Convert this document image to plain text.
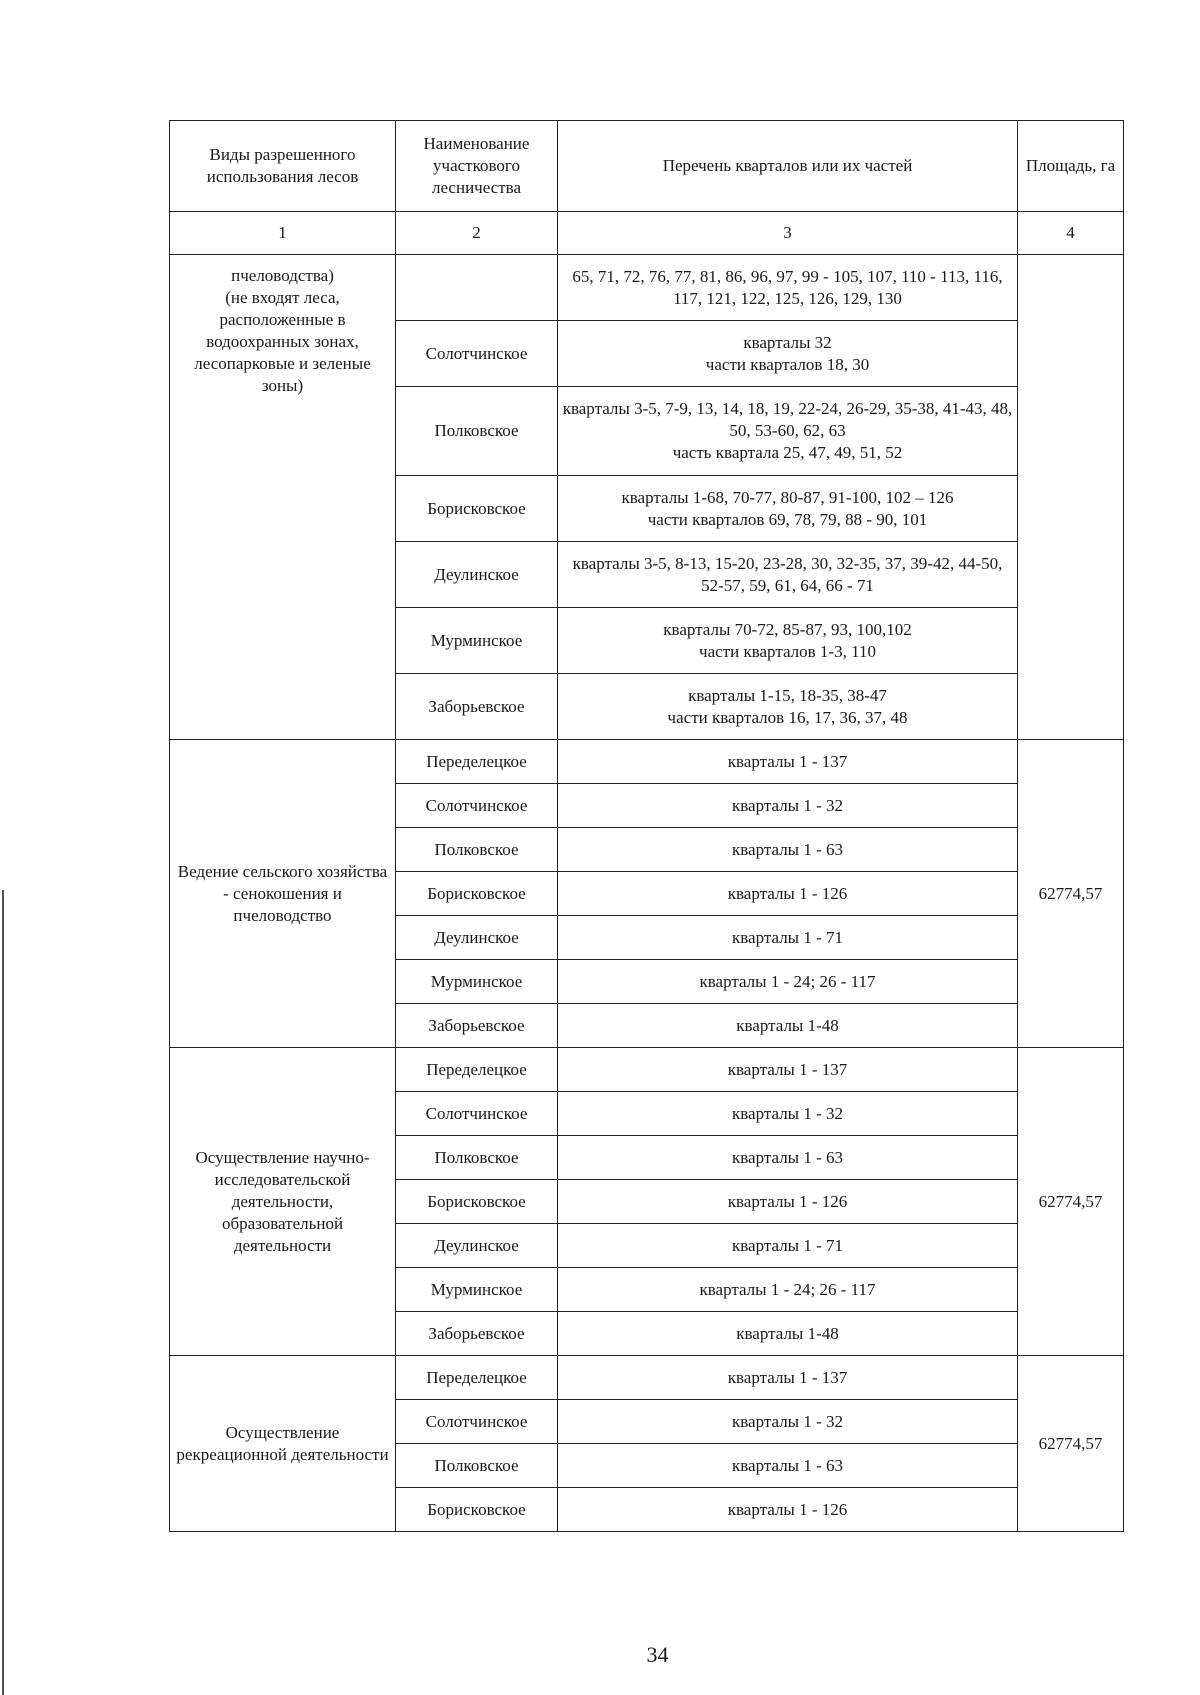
Виды разрешенного использования лесов	Наименование участкового лесничества	Перечень кварталов или их частей	Площадь, га
1	2	3	4
пчеловодства)
(не входят леса, расположенные в водоохранных зонах, лесопарковые и зеленые зоны)		65, 71, 72, 76, 77, 81, 86, 96, 97, 99 - 105, 107, 110 - 113, 116, 117, 121, 122, 125, 126, 129, 130	
	Солотчинское	кварталы 32
части кварталов 18, 30	
	Полковское	кварталы 3-5, 7-9, 13, 14, 18, 19, 22-24, 26-29, 35-38, 41-43, 48, 50, 53-60, 62, 63
часть квартала 25, 47, 49, 51, 52	
	Борисковское	кварталы 1-68, 70-77, 80-87, 91-100, 102 – 126
части кварталов 69, 78, 79, 88 - 90, 101	
	Деулинское	кварталы 3-5, 8-13, 15-20, 23-28, 30, 32-35, 37, 39-42, 44-50, 52-57, 59, 61, 64, 66 - 71	
	Мурминское	кварталы 70-72, 85-87, 93, 100,102
части кварталов 1-3, 110	
	Заборьевское	кварталы 1-15, 18-35, 38-47
части кварталов 16, 17, 36, 37, 48	
Ведение сельского хозяйства - сенокошения и пчеловодство	Переделецкое	кварталы 1 - 137	62774,57
	Солотчинское	кварталы 1 - 32	
	Полковское	кварталы 1 - 63	
	Борисковское	кварталы 1 - 126	
	Деулинское	кварталы 1 - 71	
	Мурминское	кварталы 1 - 24; 26 - 117	
	Заборьевское	кварталы 1-48	
Осуществление научно-исследовательской деятельности, образовательной деятельности	Переделецкое	кварталы 1 - 137	62774,57
	Солотчинское	кварталы 1 - 32	
	Полковское	кварталы 1 - 63	
	Борисковское	кварталы 1 - 126	
	Деулинское	кварталы 1 - 71	
	Мурминское	кварталы 1 - 24; 26 - 117	
	Заборьевское	кварталы 1-48	
Осуществление рекреационной деятельности	Переделецкое	кварталы 1 - 137	62774,57
	Солотчинское	кварталы 1 - 32	
	Полковское	кварталы 1 - 63	
	Борисковское	кварталы 1 - 126	
34
